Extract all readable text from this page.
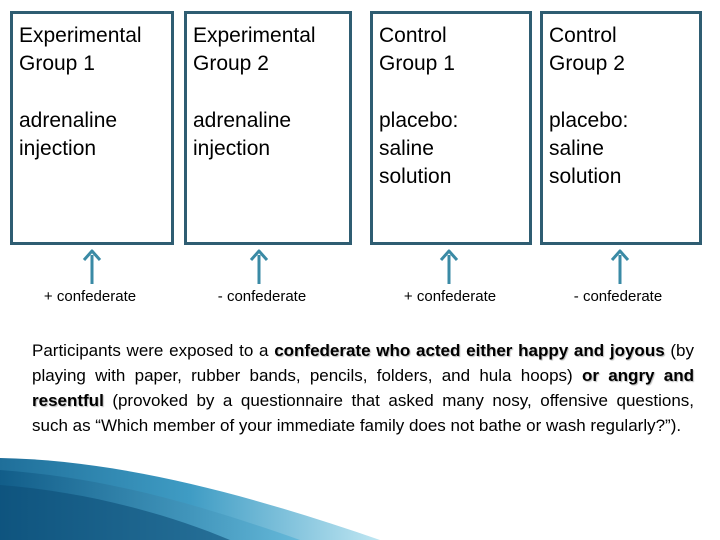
Experimental

Group 1

adrenaline

injection

Experimental

Group 2

adrenaline

injection

Control

Group 1

placebo:

saline

solution

Control

Group 2

placebo:

saline

solution

+ confederate	- confederate	+ confederate	- confederate

Participants were exposed to a confederate who acted either happy and joyous (by playing with paper, rubber bands, pencils, folders, and hula hoops) or angry and resentful (provoked by a questionnaire that asked many nosy, offensive questions, such as “Which member of your immediate family does not bathe or wash regularly?”).
